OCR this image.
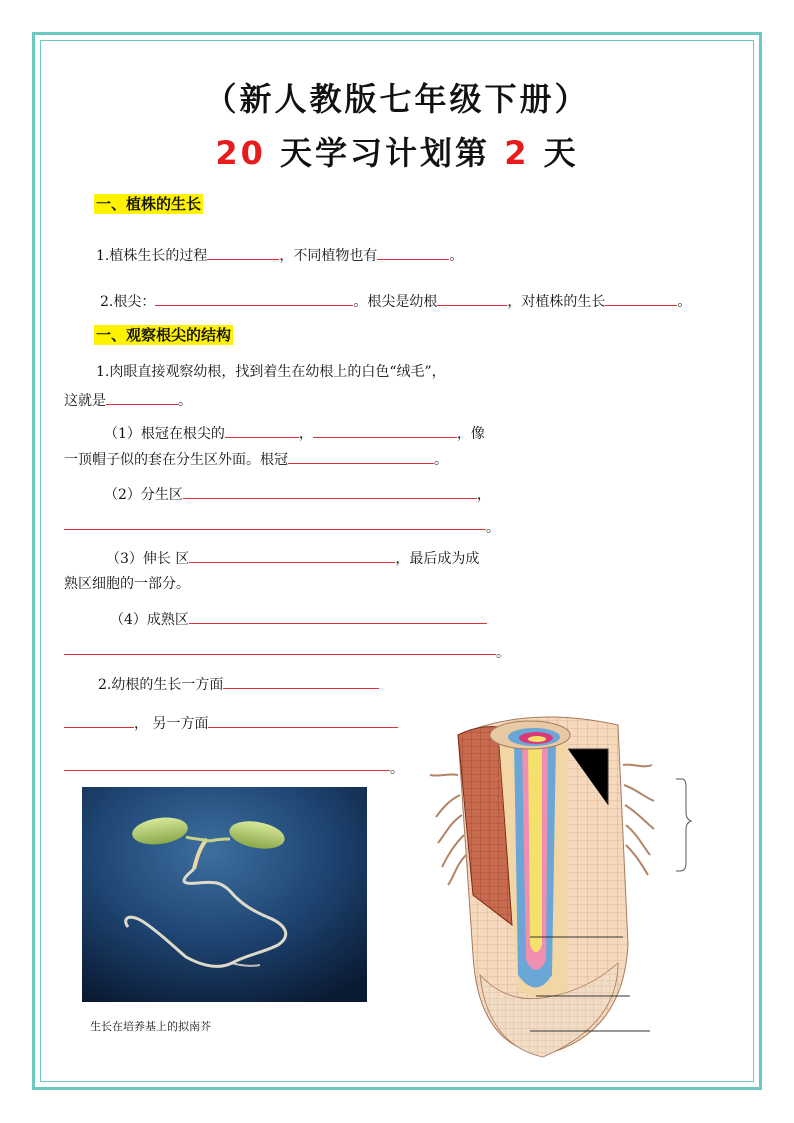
（新人教版七年级下册）
20 天学习计划第 2 天
一、植株的生长
1.植株生长的过程	，不同植物也有	。
2.根尖：	。根尖是幼根	，对植株的生长	。
一、观察根尖的结构
1.肉眼直接观察幼根，找到着生在幼根上的白色“绒毛”，
这就是	。
（1）根冠在根尖的	，	，像
一顶帽子似的套在分生区外面。根冠	。
（2）分生区	，
。
（3）伸长 区	，最后成为成
熟区细胞的一部分。
（4）成熟区
。
2.幼根的生长一方面
， 另一方面
。
生长在培养基上的拟南芥
